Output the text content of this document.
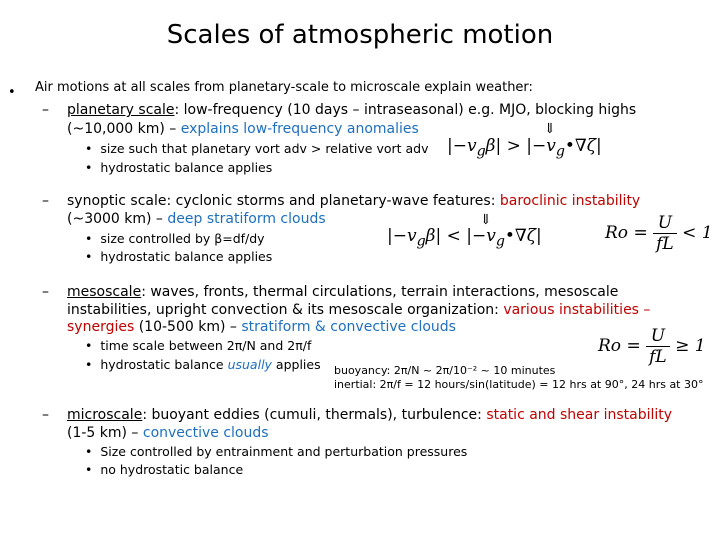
Scales of atmospheric motion
• Air motions at all scales from planetary-scale to microscale explain weather:
– planetary scale: low-frequency (10 days – intraseasonal) e.g. MJO, blocking highs
(~10,000 km) – explains low-frequency anomalies
• size such that planetary vort adv > relative vort adv
• hydrostatic balance applies
⇓
$|-v_g\beta|$ > $|-v_g•\nabla\zeta|$
– synoptic scale: cyclonic storms and planetary-wave features: baroclinic instability
(~3000 km) – deep stratiform clouds
• size controlled by β=df/dy
• hydrostatic balance applies
⇓
$|-v_g\beta|$ < $|-v_g•\nabla\zeta|$	$Ro = \frac{U}{fL} < 1$
– mesoscale: waves, fronts, thermal circulations, terrain interactions, mesoscale
instabilities, upright convection & its mesoscale organization: various instabilities –
synergies (10-500 km) – stratiform & convective clouds
• time scale between 2π/N and 2π/f
• hydrostatic balance usually applies buoyancy: 2π/N ~ 2π/10⁻² ~ 10 minutes
inertial: 2π/f = 12 hours/sin(latitude) = 12 hrs at 90°, 24 hrs at 30°
$Ro = \frac{U}{fL} \ge 1$
– microscale: buoyant eddies (cumuli, thermals), turbulence: static and shear instability
(1-5 km) – convective clouds
• Size controlled by entrainment and perturbation pressures
• no hydrostatic balance
